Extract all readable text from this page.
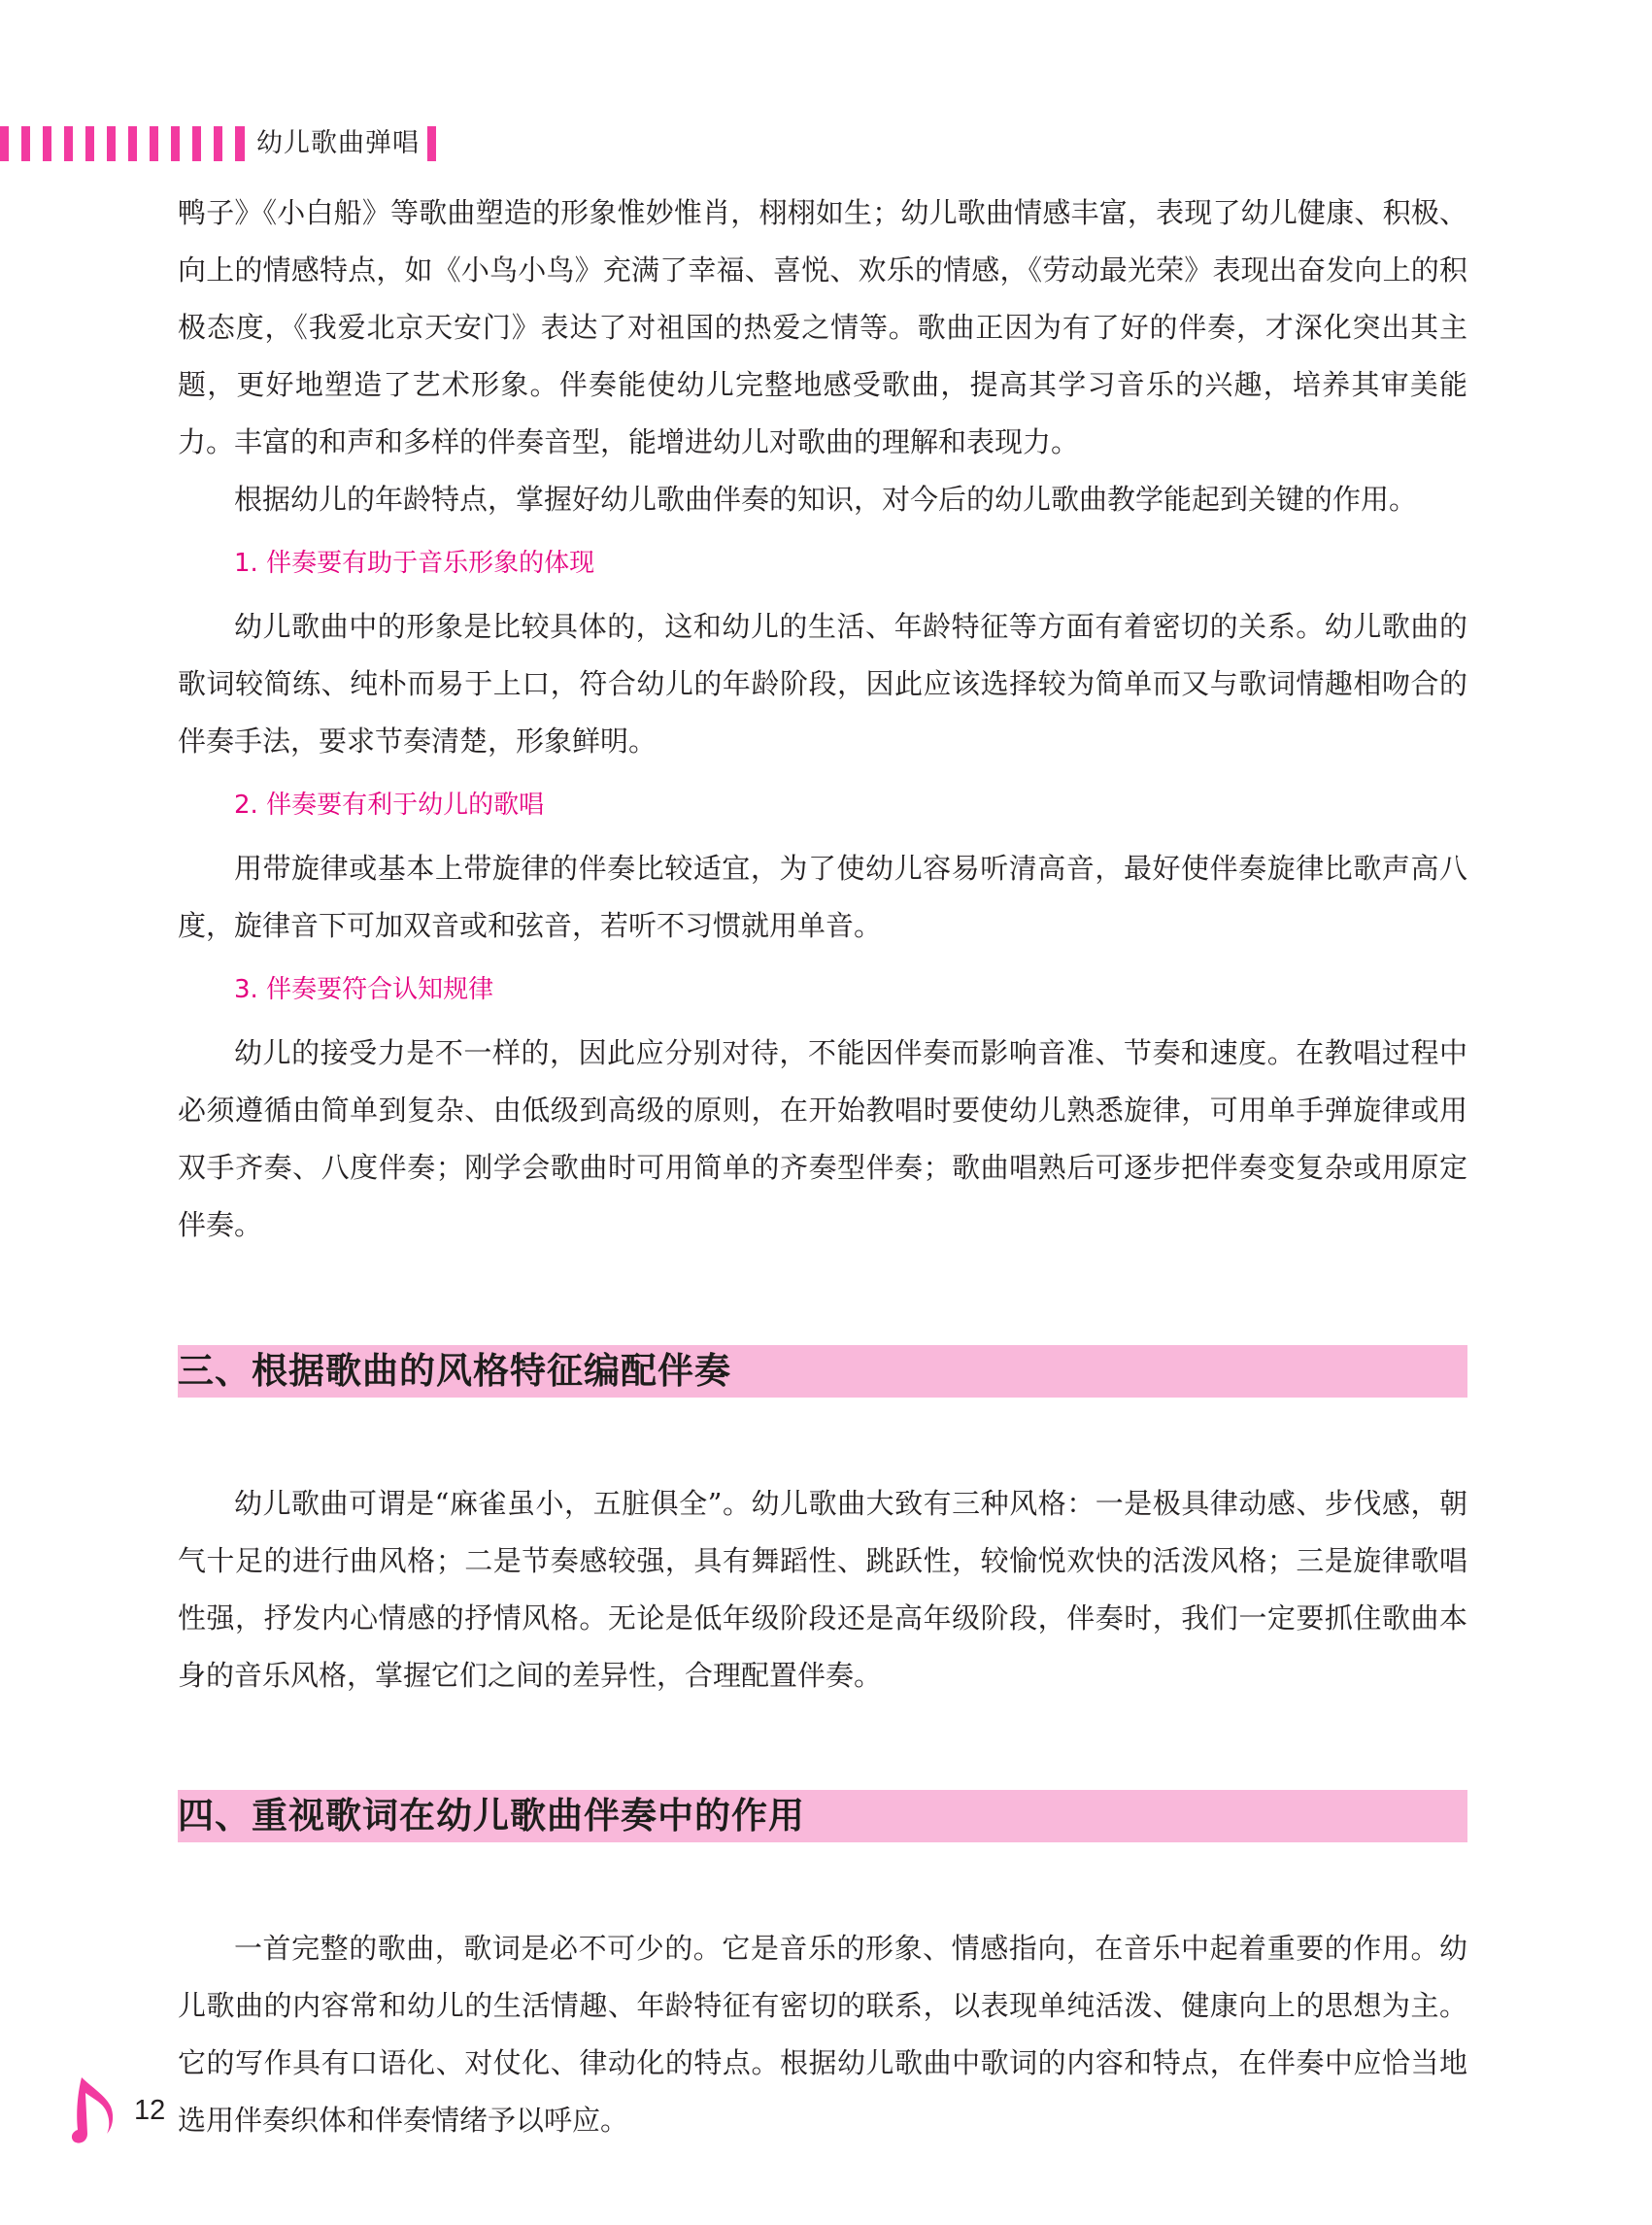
幼儿歌曲弹唱

鸭子》《小白船》等歌曲塑造的形象惟妙惟肖，栩栩如生；幼儿歌曲情感丰富，表现了幼儿健康、积极、向上的情感特点，如《小鸟小鸟》充满了幸福、喜悦、欢乐的情感，《劳动最光荣》表现出奋发向上的积极态度，《我爱北京天安门》表达了对祖国的热爱之情等。歌曲正因为有了好的伴奏，才深化突出其主题，更好地塑造了艺术形象。伴奏能使幼儿完整地感受歌曲，提高其学习音乐的兴趣，培养其审美能力。丰富的和声和多样的伴奏音型，能增进幼儿对歌曲的理解和表现力。

根据幼儿的年龄特点，掌握好幼儿歌曲伴奏的知识，对今后的幼儿歌曲教学能起到关键的作用。

1. 伴奏要有助于音乐形象的体现

幼儿歌曲中的形象是比较具体的，这和幼儿的生活、年龄特征等方面有着密切的关系。幼儿歌曲的歌词较简练、纯朴而易于上口，符合幼儿的年龄阶段，因此应该选择较为简单而又与歌词情趣相吻合的伴奏手法，要求节奏清楚，形象鲜明。

2. 伴奏要有利于幼儿的歌唱

用带旋律或基本上带旋律的伴奏比较适宜，为了使幼儿容易听清高音，最好使伴奏旋律比歌声高八度，旋律音下可加双音或和弦音，若听不习惯就用单音。

3. 伴奏要符合认知规律

幼儿的接受力是不一样的，因此应分别对待，不能因伴奏而影响音准、节奏和速度。在教唱过程中必须遵循由简单到复杂、由低级到高级的原则，在开始教唱时要使幼儿熟悉旋律，可用单手弹旋律或用双手齐奏、八度伴奏；刚学会歌曲时可用简单的齐奏型伴奏；歌曲唱熟后可逐步把伴奏变复杂或用原定伴奏。

三、根据歌曲的风格特征编配伴奏

幼儿歌曲可谓是“麻雀虽小，五脏俱全”。幼儿歌曲大致有三种风格：一是极具律动感、步伐感，朝气十足的进行曲风格；二是节奏感较强，具有舞蹈性、跳跃性，较愉悦欢快的活泼风格；三是旋律歌唱性强，抒发内心情感的抒情风格。无论是低年级阶段还是高年级阶段，伴奏时，我们一定要抓住歌曲本身的音乐风格，掌握它们之间的差异性，合理配置伴奏。

四、重视歌词在幼儿歌曲伴奏中的作用

一首完整的歌曲，歌词是必不可少的。它是音乐的形象、情感指向，在音乐中起着重要的作用。幼儿歌曲的内容常和幼儿的生活情趣、年龄特征有密切的联系，以表现单纯活泼、健康向上的思想为主。它的写作具有口语化、对仗化、律动化的特点。根据幼儿歌曲中歌词的内容和特点，在伴奏中应恰当地选用伴奏织体和伴奏情绪予以呼应。

12
